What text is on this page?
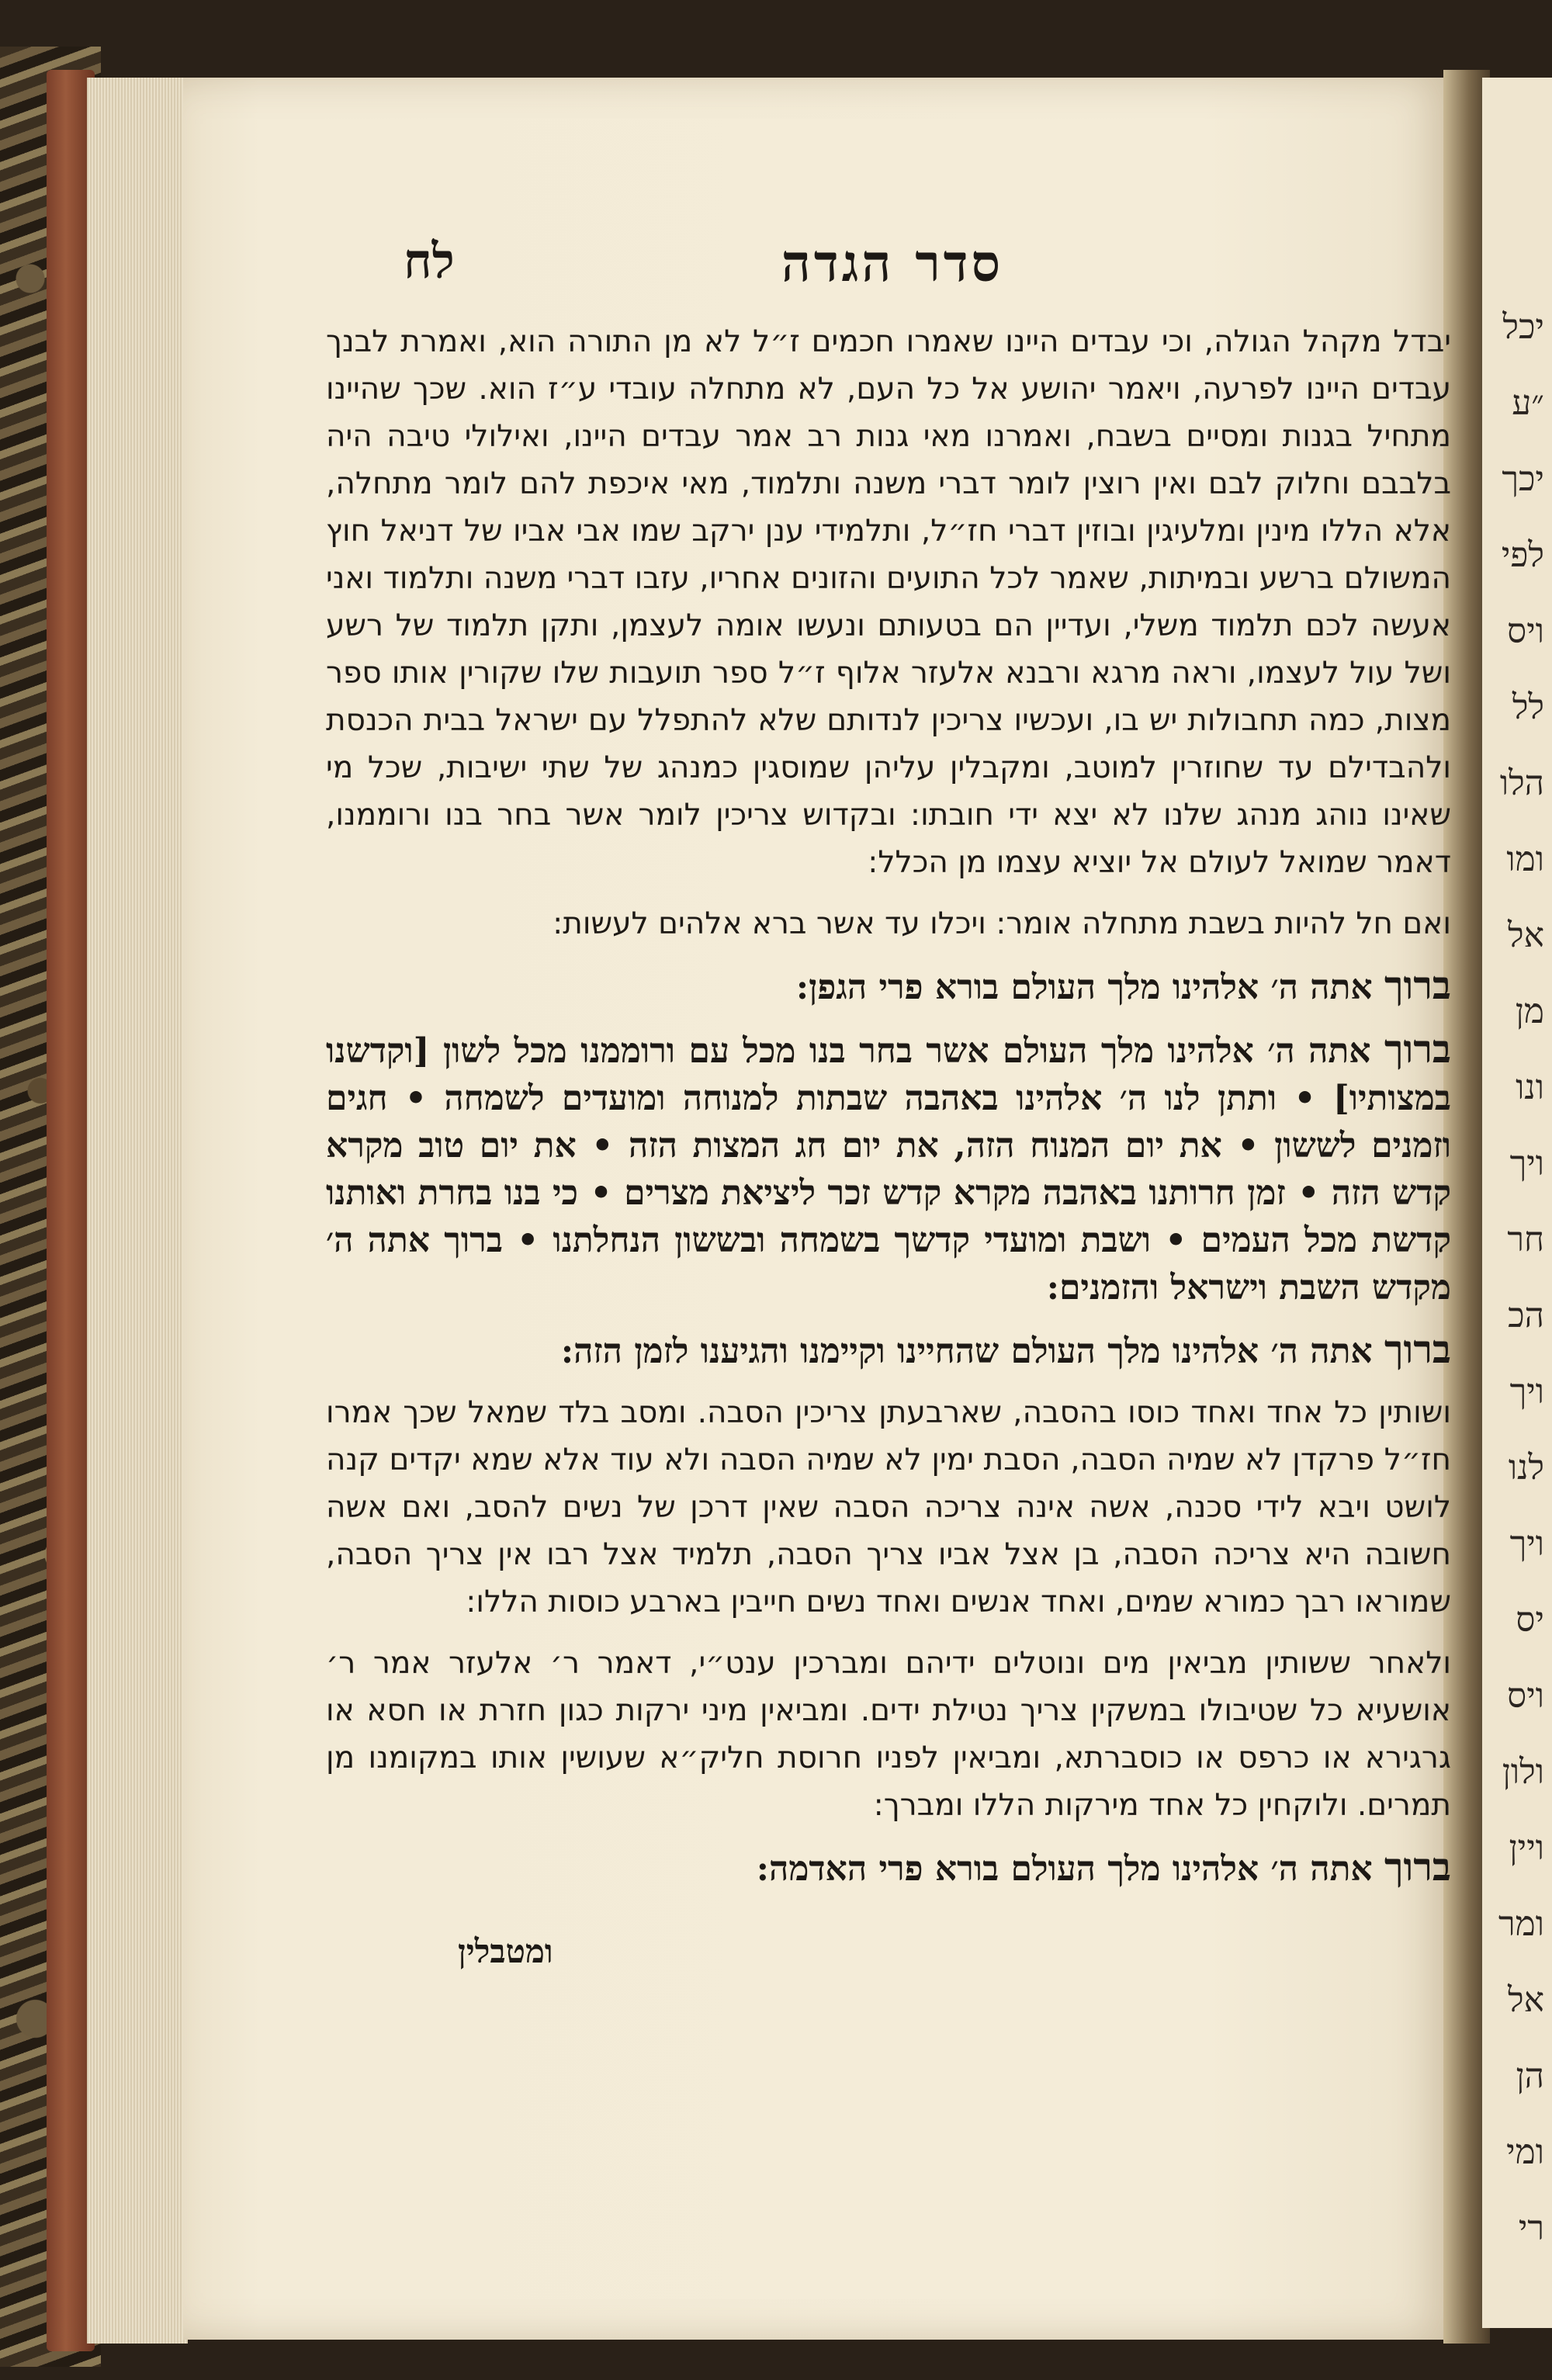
יכל
״ע
יכך
לפי
ויס
לל
הלו
ומו
אל
מן
ונו
ויך
חר
הכ
ויך
לנו
ויך
יס
ויס
ולון
ויין
ומר
אל
הן
ומי
רי
סדר הגדה
לח

יבדל מקהל הגולה, וכי עבדים היינו שאמרו חכמים ז״ל לא מן התורה הוא, ואמרת לבנך עבדים היינו לפרעה, ויאמר יהושע אל כל העם, לא מתחלה עובדי ע״ז הוא. שכך שהיינו מתחיל בגנות ומסיים בשבח, ואמרנו מאי גנות רב אמר עבדים היינו, ואילולי טיבה היה בלבבם וחלוק לבם ואין רוצין לומר דברי משנה ותלמוד, מאי איכפת להם לומר מתחלה, אלא הללו מינין ומלעיגין ובוזין דברי חז״ל, ותלמידי ענן ירקב שמו אבי אביו של דניאל חוץ המשולם ברשע ובמיתות, שאמר לכל התועים והזונים אחריו, עזבו דברי משנה ותלמוד ואני אעשה לכם תלמוד משלי, ועדיין הם בטעותם ונעשו אומה לעצמן, ותקן תלמוד של רשע ושל עול לעצמו, וראה מרגא ורבנא אלעזר אלוף ז״ל ספר תועבות שלו שקורין אותו ספר מצות, כמה תחבולות יש בו, ועכשיו צריכין לנדותם שלא להתפלל עם ישראל בבית הכנסת ולהבדילם עד שחוזרין למוטב, ומקבלין עליהן שמוסגין כמנהג של שתי ישיבות, שכל מי שאינו נוהג מנהג שלנו לא יצא ידי חובתו: ובקדוש צריכין לומר אשר בחר בנו ורוממנו, דאמר שמואל לעולם אל יוציא עצמו מן הכלל:

ואם חל להיות בשבת מתחלה אומר: ויכלו עד אשר ברא אלהים לעשות:

ברוך אתה ה׳ אלהינו מלך העולם בורא פרי הגפן:

ברוך אתה ה׳ אלהינו מלך העולם אשר בחר בנו מכל עם ורוממנו מכל לשון [וקדשנו במצותיו] • ותתן לנו ה׳ אלהינו באהבה שבתות למנוחה ומועדים לשמחה • חגים וזמנים לששון • את יום המנוח הזה, את יום חג המצות הזה • את יום טוב מקרא קדש הזה • זמן חרותנו באהבה מקרא קדש זכר ליציאת מצרים • כי בנו בחרת ואותנו קדשת מכל העמים • ושבת ומועדי קדשך בשמחה ובששון הנחלתנו • ברוך אתה ה׳ מקדש השבת וישראל והזמנים:

ברוך אתה ה׳ אלהינו מלך העולם שהחיינו וקיימנו והגיענו לזמן הזה:

ושותין כל אחד ואחד כוסו בהסבה, שארבעתן צריכין הסבה. ומסב בלד שמאל שכך אמרו חז״ל פרקדן לא שמיה הסבה, הסבת ימין לא שמיה הסבה ולא עוד אלא שמא יקדים קנה לושט ויבא לידי סכנה, אשה אינה צריכה הסבה שאין דרכן של נשים להסב, ואם אשה חשובה היא צריכה הסבה, בן אצל אביו צריך הסבה, תלמיד אצל רבו אין צריך הסבה, שמוראו רבך כמורא שמים, ואחד אנשים ואחד נשים חייבין בארבע כוסות הללו:

ולאחר ששותין מביאין מים ונוטלים ידיהם ומברכין ענט״י, דאמר ר׳ אלעזר אמר ר׳ אושעיא כל שטיבולו במשקין צריך נטילת ידים. ומביאין מיני ירקות כגון חזרת או חסא או גרגירא או כרפס או כוסברתא, ומביאין לפניו חרוסת חליק״א שעושין אותו במקומנו מן תמרים. ולוקחין כל אחד מירקות הללו ומברך:

ברוך אתה ה׳ אלהינו מלך העולם בורא פרי האדמה:

ומטבלין
